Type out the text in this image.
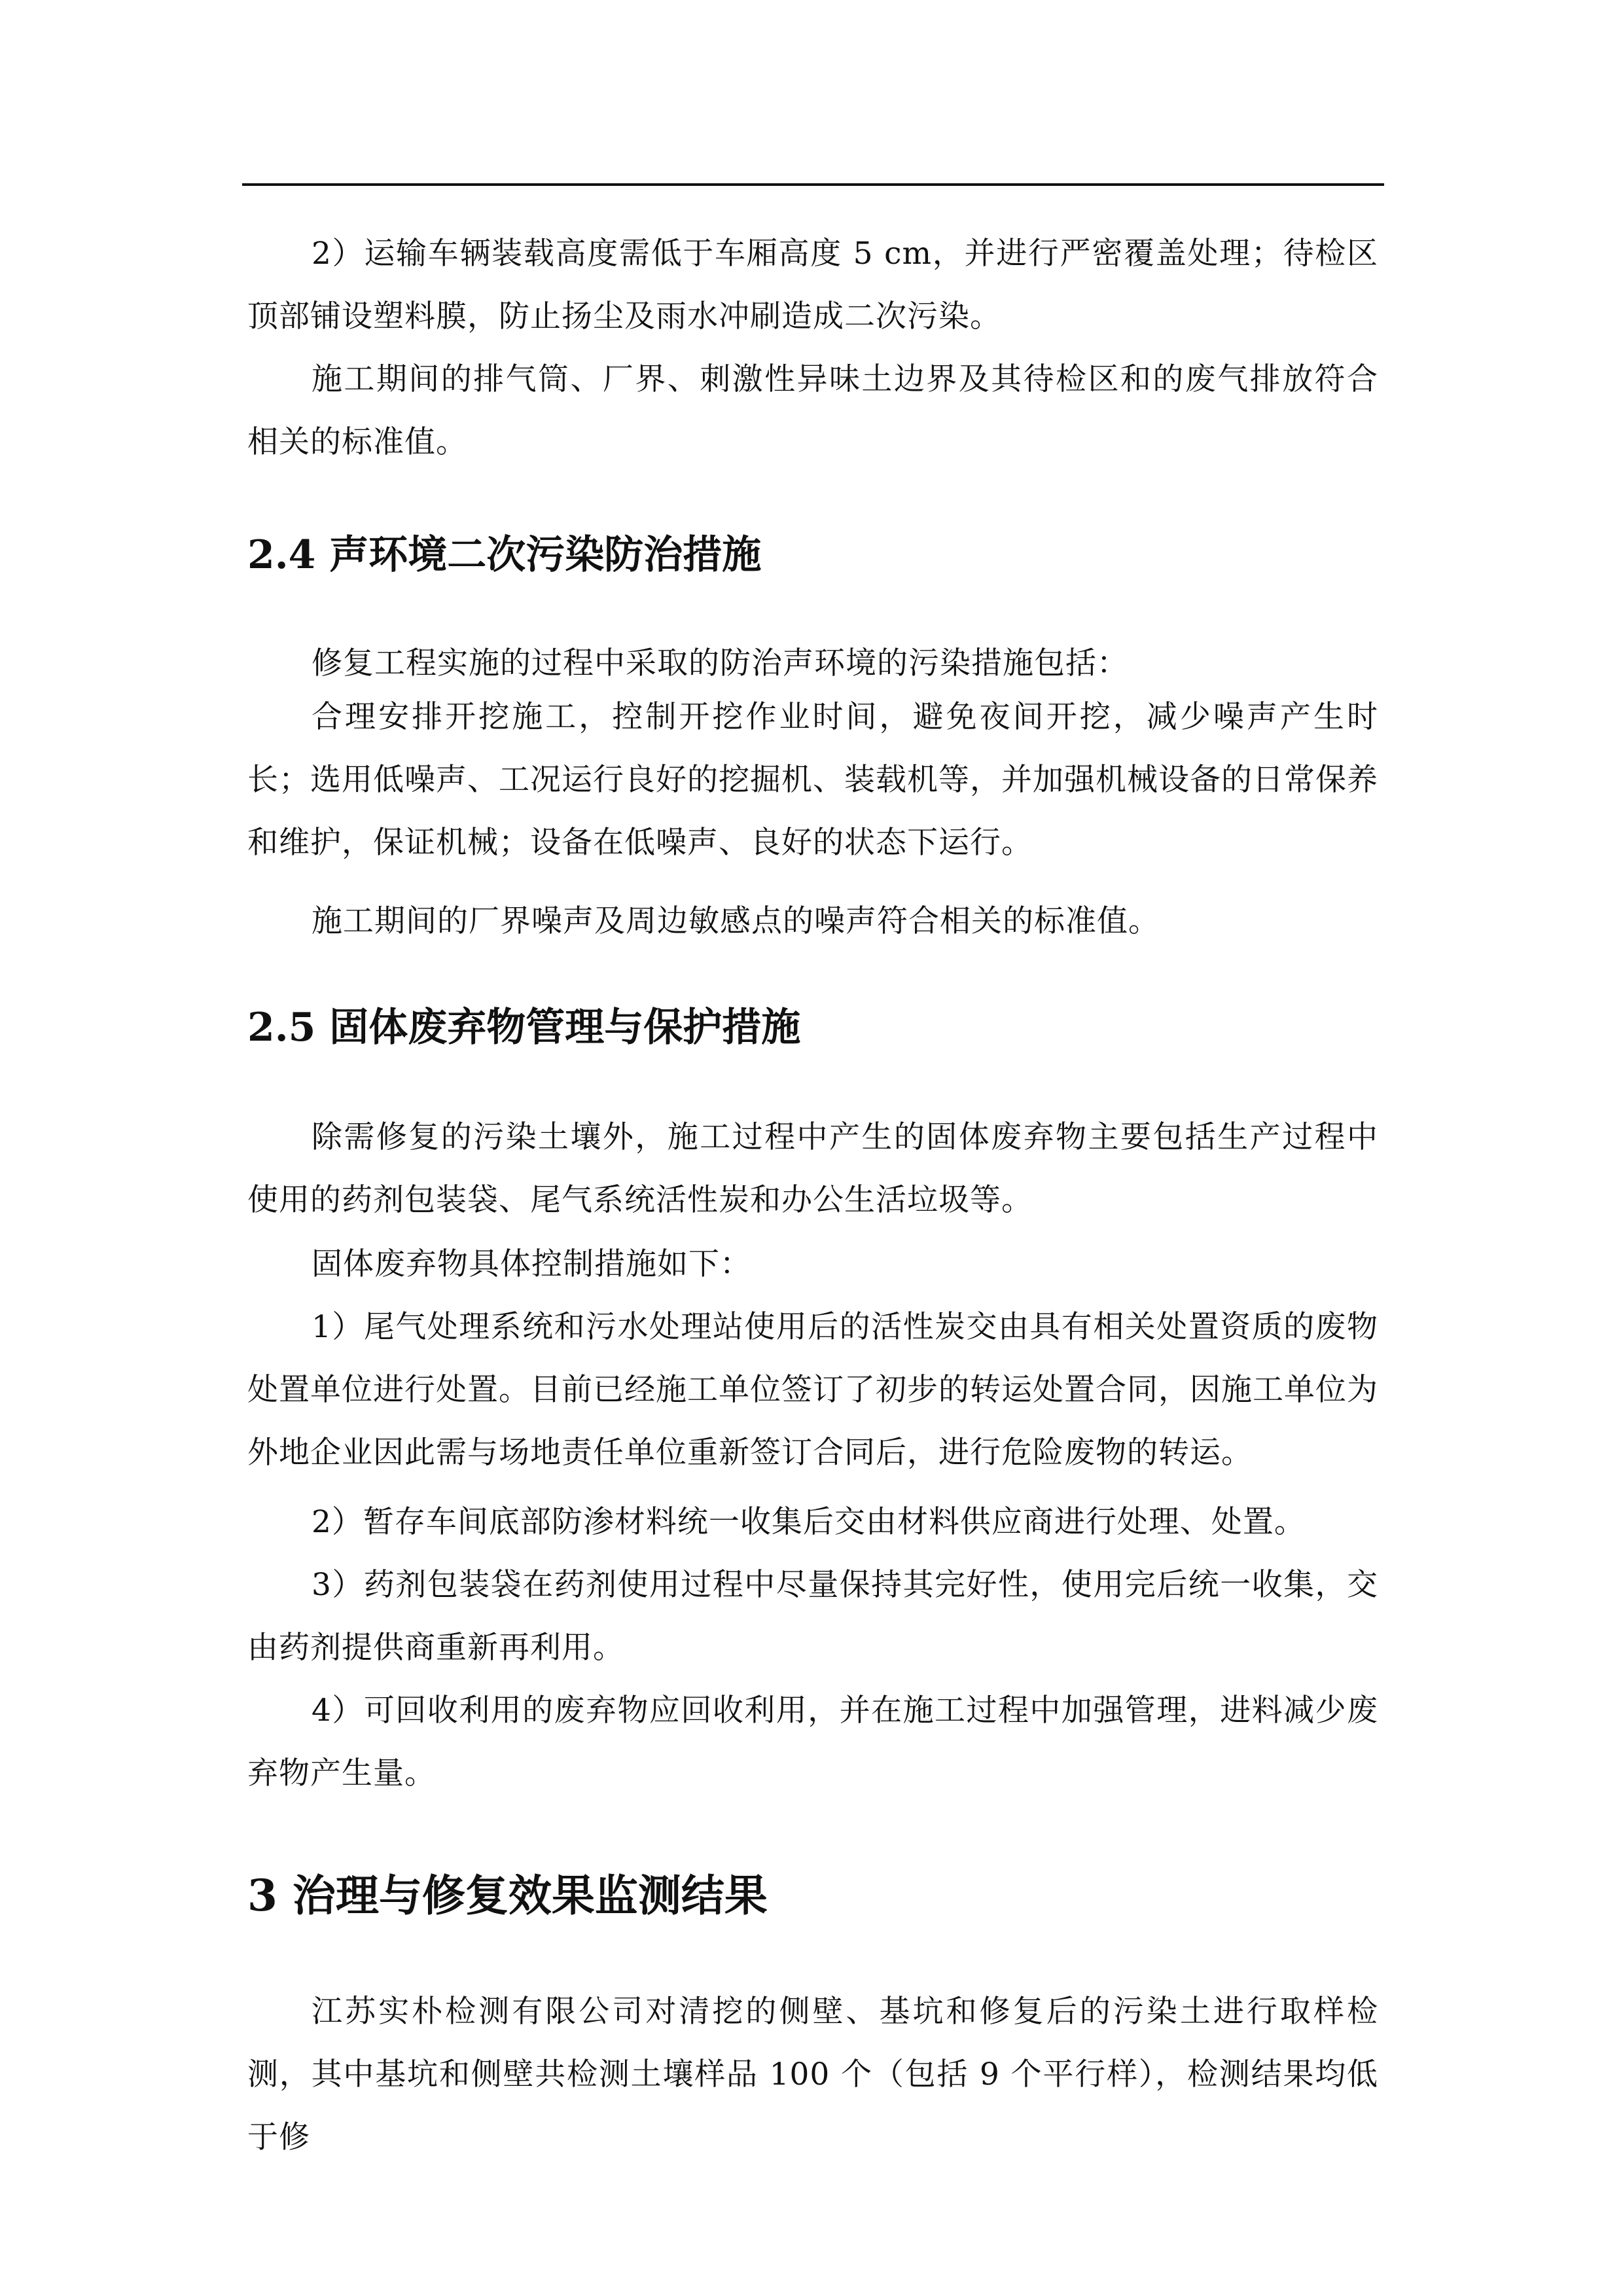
2）运输车辆装载高度需低于车厢高度 5 cm，并进行严密覆盖处理；待检区顶部铺设塑料膜，防止扬尘及雨水冲刷造成二次污染。

施工期间的排气筒、厂界、刺激性异味土边界及其待检区和的废气排放符合相关的标准值。

2.4 声环境二次污染防治措施

修复工程实施的过程中采取的防治声环境的污染措施包括：

合理安排开挖施工，控制开挖作业时间，避免夜间开挖，减少噪声产生时长；选用低噪声、工况运行良好的挖掘机、装载机等，并加强机械设备的日常保养和维护，保证机械；设备在低噪声、良好的状态下运行。

施工期间的厂界噪声及周边敏感点的噪声符合相关的标准值。

2.5 固体废弃物管理与保护措施

除需修复的污染土壤外，施工过程中产生的固体废弃物主要包括生产过程中使用的药剂包装袋、尾气系统活性炭和办公生活垃圾等。

固体废弃物具体控制措施如下：

1）尾气处理系统和污水处理站使用后的活性炭交由具有相关处置资质的废物处置单位进行处置。目前已经施工单位签订了初步的转运处置合同，因施工单位为外地企业因此需与场地责任单位重新签订合同后，进行危险废物的转运。

2）暂存车间底部防渗材料统一收集后交由材料供应商进行处理、处置。

3）药剂包装袋在药剂使用过程中尽量保持其完好性，使用完后统一收集，交由药剂提供商重新再利用。

4）可回收利用的废弃物应回收利用，并在施工过程中加强管理，进料减少废弃物产生量。

3 治理与修复效果监测结果

江苏实朴检测有限公司对清挖的侧壁、基坑和修复后的污染土进行取样检测，其中基坑和侧壁共检测土壤样品 100 个（包括 9 个平行样），检测结果均低于修
